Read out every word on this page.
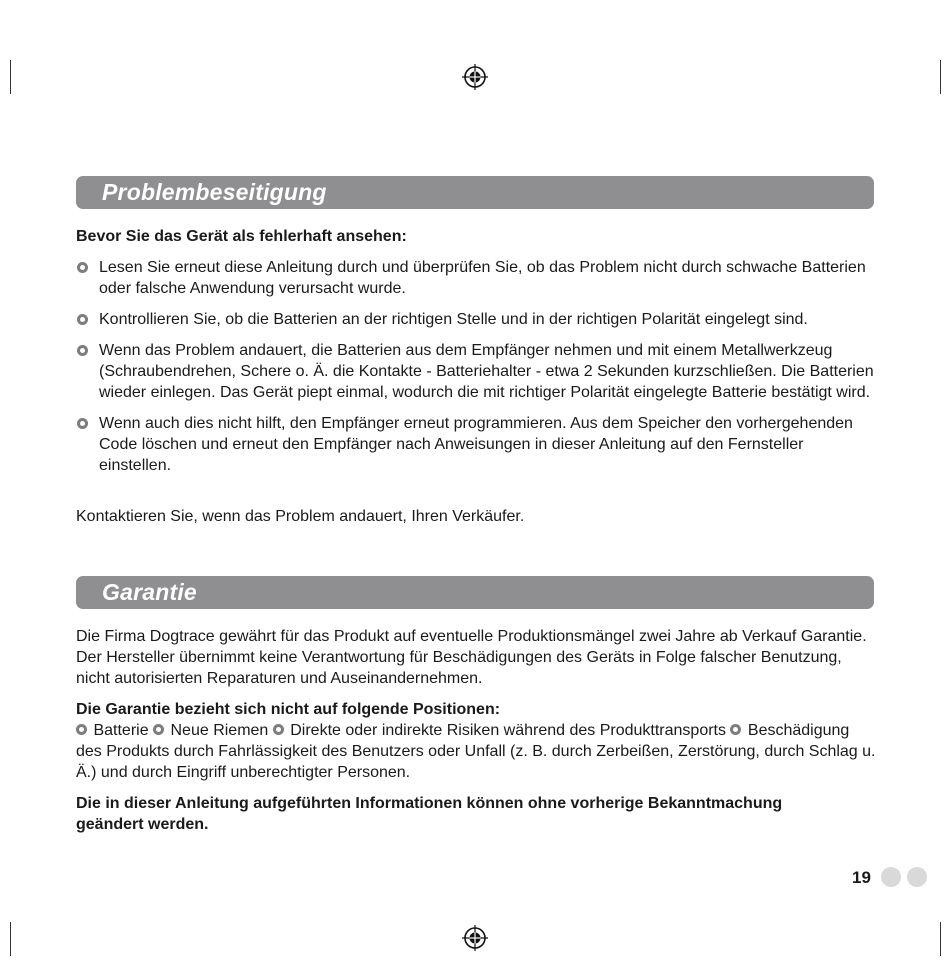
Problembeseitigung
Bevor Sie das Gerät als fehlerhaft ansehen:
Lesen Sie erneut diese Anleitung durch und überprüfen Sie, ob das Problem nicht durch schwache Batterien oder falsche Anwendung verursacht wurde.
Kontrollieren Sie, ob die Batterien an der richtigen Stelle und in der richtigen Polarität eingelegt sind.
Wenn das Problem andauert, die Batterien aus dem Empfänger nehmen und mit einem Metallwerkzeug (Schraubendrehen, Schere o. Ä. die Kontakte - Batteriehalter - etwa 2 Sekunden kurzschließen. Die Batterien wieder einlegen. Das Gerät piept einmal, wodurch die mit richtiger Polarität eingelegte Batterie bestätigt wird.
Wenn auch dies nicht hilft, den Empfänger erneut programmieren. Aus dem Speicher den vorhergehenden Code löschen und erneut den Empfänger nach Anweisungen in dieser Anleitung auf den Fernsteller einstellen.
Kontaktieren Sie, wenn das Problem andauert, Ihren Verkäufer.
Garantie
Die Firma Dogtrace gewährt für das Produkt auf eventuelle Produktionsmängel zwei Jahre ab Verkauf Garantie. Der Hersteller übernimmt keine Verantwortung für Beschädigungen des Geräts in Folge falscher Benutzung, nicht autorisierten Reparaturen und Auseinandernehmen.
Die Garantie bezieht sich nicht auf folgende Positionen:
Batterie Neue Riemen Direkte oder indirekte Risiken während des Produkttransports Beschädigung des Produkts durch Fahrlässigkeit des Benutzers oder Unfall (z. B. durch Zerbeißen, Zerstörung, durch Schlag u. Ä.) und durch Eingriff unberechtigter Personen.
Die in dieser Anleitung aufgeführten Informationen können ohne vorherige Bekanntmachung geändert werden.
19
